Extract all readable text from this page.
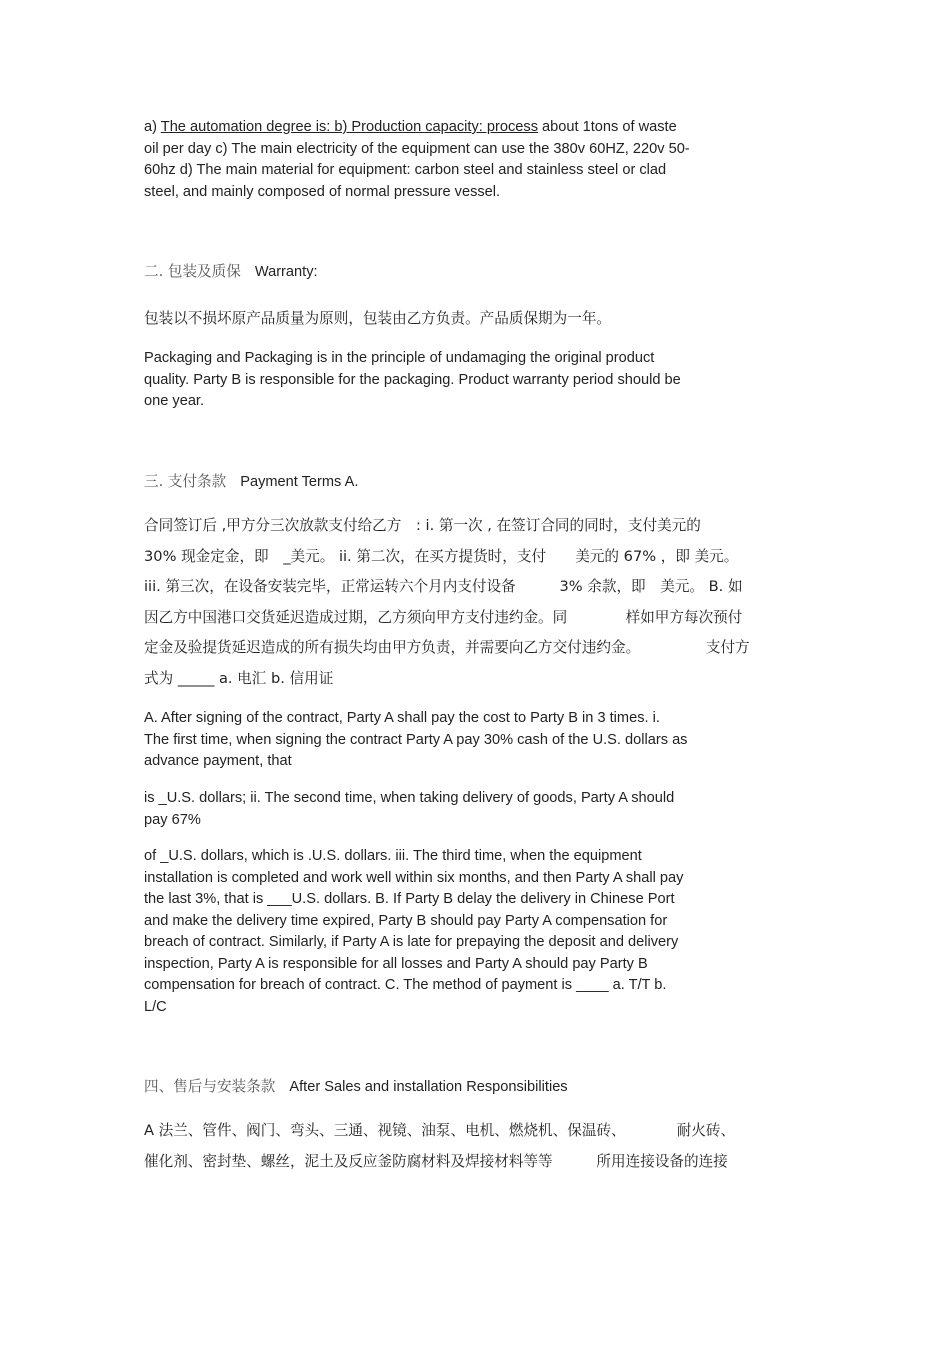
a) The automation degree is: b) Production capacity: process about 1tons of waste
oil per day c) The main electricity of the equipment can use the 380v 60HZ, 220v 50-
60hz d) The main material for equipment: carbon steel and stainless steel or clad
steel, and mainly composed of normal pressure vessel.

二. 包装及质保 Warranty:

包装以不损坏原产品质量为原则，包装由乙方负责。产品质保期为一年。

Packaging and Packaging is in the principle of undamaging the original product
quality. Party B is responsible for the packaging. Product warranty period should be
one year.

三. 支付条款 Payment Terms A.

合同签订后 ,甲方分三次放款支付给乙方　: i. 第一次 , 在签订合同的同时，支付美元的
30% 现金定金，即　_美元。 ii. 第二次，在买方提货时，支付　　美元的 67% ，即 美元。
iii. 第三次，在设备安装完毕，正常运转六个月内支付设备　　　3% 余款，即　美元。 B. 如
因乙方中国港口交货延迟造成过期，乙方须向甲方支付违约金。同　　　　样如甲方每次预付
定金及验提货延迟造成的所有损失均由甲方负责，并需要向乙方交付违约金。　　　　　支付方
式为 _____ a. 电汇 b. 信用证

A. After signing of the contract, Party A shall pay the cost to Party B in 3 times. i.
The first time, when signing the contract Party A pay 30% cash of the U.S. dollars as
advance payment, that

is _U.S. dollars; ii. The second time, when taking delivery of goods, Party A should
pay 67%

of _U.S. dollars, which is .U.S. dollars. iii. The third time, when the equipment
installation is completed and work well within six months, and then Party A shall pay
the last 3%, that is ___U.S. dollars. B. If Party B delay the delivery in Chinese Port
and make the delivery time expired, Party B should pay Party A compensation for
breach of contract. Similarly, if Party A is late for prepaying the deposit and delivery
inspection, Party A is responsible for all losses and Party A should pay Party B
compensation for breach of contract. C. The method of payment is ____ a. T/T b.
L/C

四、售后与安装条款 After Sales and installation Responsibilities

A 法兰、管件、阀门、弯头、三通、视镜、油泵、电机、燃烧机、保温砖、　　　　耐火砖、
催化剂、密封垫、螺丝，泥土及反应釜防腐材料及焊接材料等等　　　所用连接设备的连接
